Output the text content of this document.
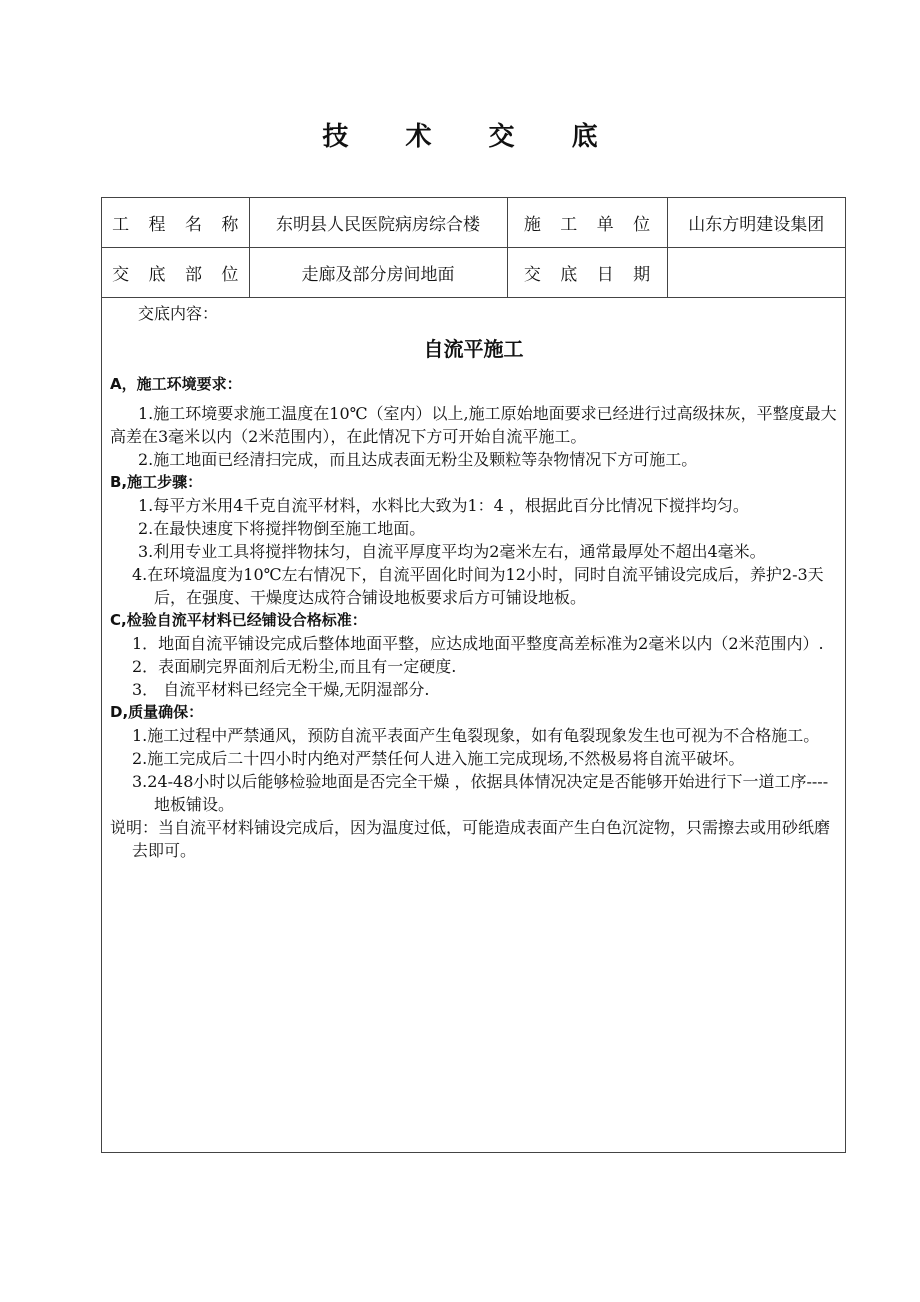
技 术 交 底
工 程 名 称	东明县人民医院病房综合楼	施 工 单 位	山东方明建设集团
交 底 部 位	走廊及部分房间地面	交 底 日 期	
交底内容：
自流平施工
A，施工环境要求：
1.施工环境要求施工温度在10℃（室内）以上,施工原始地面要求已经进行过高级抹灰，平整度最大高差在3毫米以内（2米范围内），在此情况下方可开始自流平施工。
2.施工地面已经清扫完成，而且达成表面无粉尘及颗粒等杂物情况下方可施工。
B,施工步骤：
1.每平方米用4千克自流平材料，水料比大致为1：4 ，根据此百分比情况下搅拌均匀。
2.在最快速度下将搅拌物倒至施工地面。
3.利用专业工具将搅拌物抹匀，自流平厚度平均为2毫米左右，通常最厚处不超出4毫米。
4.在环境温度为10℃左右情况下，自流平固化时间为12小时，同时自流平铺设完成后，养护2-3天后，在强度、干燥度达成符合铺设地板要求后方可铺设地板。
C,检验自流平材料已经铺设合格标准：
1．地面自流平铺设完成后整体地面平整，应达成地面平整度高差标准为2毫米以内（2米范围内）.
2．表面刷完界面剂后无粉尘,而且有一定硬度.
3． 自流平材料已经完全干燥,无阴湿部分.
D,质量确保：
1.施工过程中严禁通风，预防自流平表面产生龟裂现象，如有龟裂现象发生也可视为不合格施工。
2.施工完成后二十四小时内绝对严禁任何人进入施工完成现场,不然极易将自流平破坏。
3.24-48小时以后能够检验地面是否完全干燥 ，依据具体情况决定是否能够开始进行下一道工序----地板铺设。
说明：当自流平材料铺设完成后，因为温度过低，可能造成表面产生白色沉淀物，只需擦去或用砂纸磨去即可。
